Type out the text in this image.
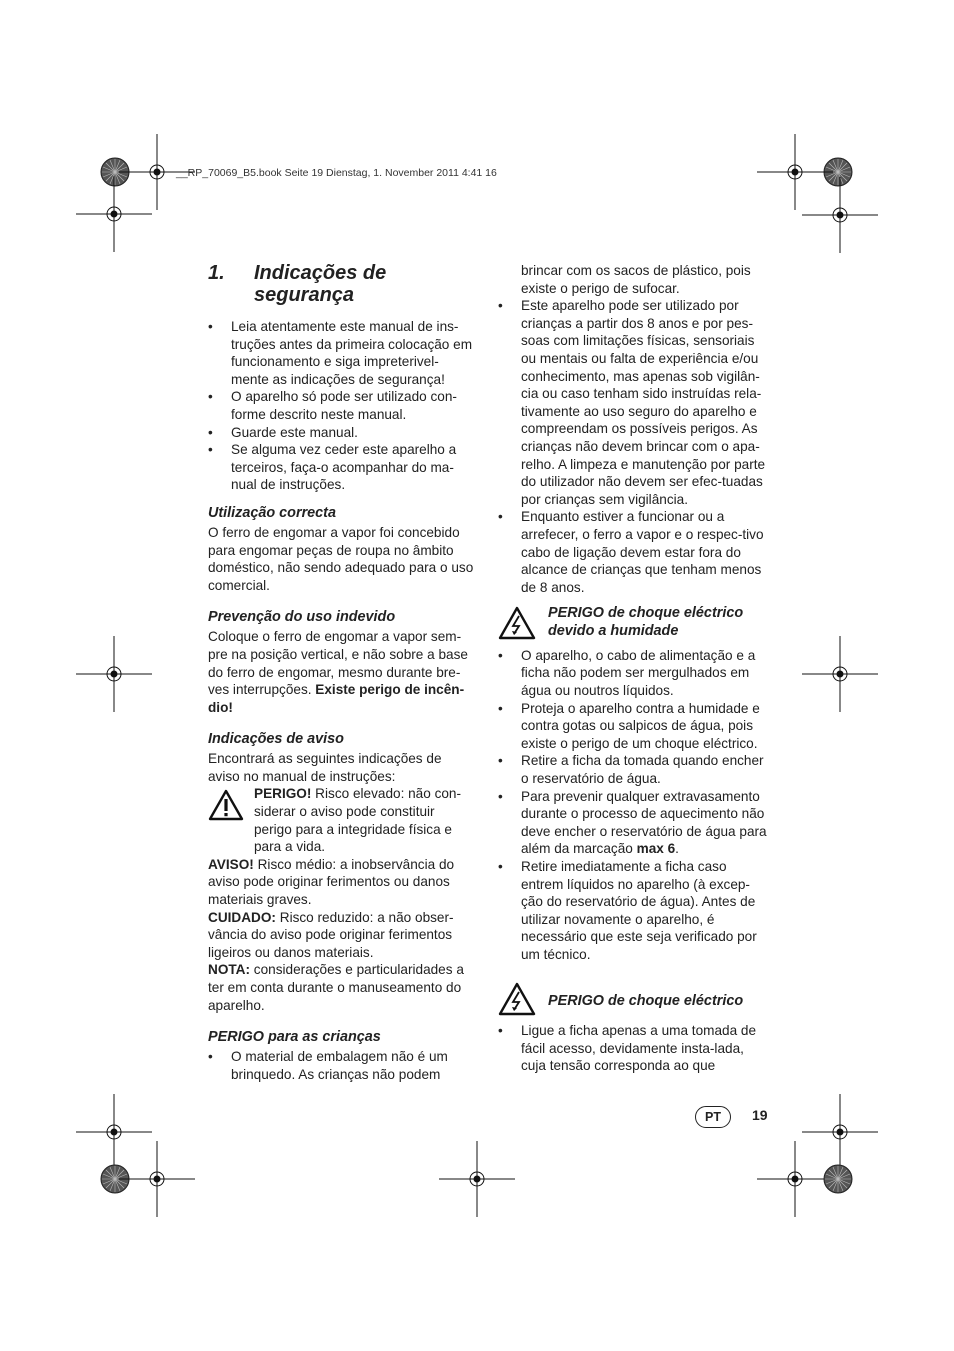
__RP_70069_B5.book Seite 19 Dienstag, 1. November 2011 4:41 16
1.	Indicações de segurança
• Leia atentamente este manual de ins-truções antes da primeira colocação em funcionamento e siga impreterivel-mente as indicações de segurança!
• O aparelho só pode ser utilizado con-forme descrito neste manual.
• Guarde este manual.
• Se alguma vez ceder este aparelho a terceiros, faça-o acompanhar do ma-nual de instruções.
Utilização correcta

O ferro de engomar a vapor foi concebido para engomar peças de roupa no âmbito doméstico, não sendo adequado para o uso comercial.

Prevenção do uso indevido

Coloque o ferro de engomar a vapor sem-pre na posição vertical, e não sobre a base do ferro de engomar, mesmo durante bre-ves interrupções. Existe perigo de incên-dio!

Indicações de aviso

Encontrará as seguintes indicações de aviso no manual de instruções:

PERIGO! Risco elevado: não con-siderar o aviso pode constituir perigo para a integridade física e para a vida.

AVISO! Risco médio: a inobservância do aviso pode originar ferimentos ou danos materiais graves.

CUIDADO: Risco reduzido: a não obser-vância do aviso pode originar ferimentos ligeiros ou danos materiais.

NOTA: considerações e particularidades a ter em conta durante o manuseamento do aparelho.

PERIGO para as crianças
• O material de embalagem não é um brinquedo. As crianças não podem

brincar com os sacos de plástico, pois existe o perigo de sufocar.

• Este aparelho pode ser utilizado por crianças a partir dos 8 anos e por pes-soas com limitações físicas, sensoriais ou mentais ou falta de experiência e/ou conhecimento, mas apenas sob vigilân-cia ou caso tenham sido instruídas rela-tivamente ao uso seguro do aparelho e compreendam os possíveis perigos. As crianças não devem brincar com o apa-relho. A limpeza e manutenção por parte do utilizador não devem ser efec-tuadas por crianças sem vigilância.
• Enquanto estiver a funcionar ou a arrefecer, o ferro a vapor e o respec-tivo cabo de ligação devem estar fora do alcance de crianças que tenham menos de 8 anos.
PERIGO de choque eléctrico devido a humidade
• O aparelho, o cabo de alimentação e a ficha não podem ser mergulhados em água ou noutros líquidos.
• Proteja o aparelho contra a humidade e contra gotas ou salpicos de água, pois existe o perigo de um choque eléctrico.
• Retire a ficha da tomada quando encher o reservatório de água.
• Para prevenir qualquer extravasamento durante o processo de aquecimento não deve encher o reservatório de água para além da marcação max 6.
• Retire imediatamente a ficha caso entrem líquidos no aparelho (à excep-ção do reservatório de água). Antes de utilizar novamente o aparelho, é necessário que este seja verificado por um técnico.
PERIGO de choque eléctrico
• Ligue a ficha apenas a uma tomada de fácil acesso, devidamente insta-lada, cuja tensão corresponda ao que
PT	19
